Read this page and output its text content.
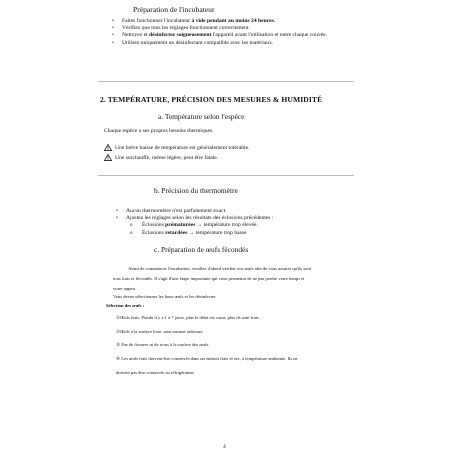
Préparation de l'incubateur
• Faites fonctionner l'incubateur à vide pendant au moins 24 heures.
• Vérifiez que tous les réglages fonctionnent correctement.
• Nettoyez et désinfectez soigneusement l'appareil avant l'utilisation et entre chaque couvée.
• Utilisez uniquement un désinfectant compatible avec les matériaux.
2. TEMPÉRATURE, PRÉCISION DES MESURES & HUMIDITÉ
a. Température selon l'espèce
Chaque espèce a ses propres besoins thermiques.
Une brève baisse de température est généralement tolérable.
Une surchauffe, même légère, peut être fatale.
b. Précision du thermomètre
• Aucun thermomètre n'est parfaitement exact.
• Ajustez les réglages selon les résultats des éclosions précédentes :
o Éclosions prématurées → température trop élevée.
o Éclosions retardées → température trop basse
c. Préparation de œufs fécondés
Avant de commencer l'incubation, veuillez d'abord vérifier vos œufs afin de vous assurer qu'ils sont
tous frais et fécondés. Il s'agit d'une étape importante qui vous permettra de ne pas perdre votre temps et
votre argent.
Vous devez sélectionner les bons œufs et les désinfecter.
Sélection des œufs :
①Œufs frais. Pondu il y a 1 à 7 jours, plus le délai est court, plus ils sont frais.
②Œufs à la surface lisse, sans aucune salissure.
③ Pas de fissures ni de trous à la surface des œufs.
④ Les œufs frais doivent être conservés dans un endroit frais et sec, à température ambiante. Ils ne
doivent pas être conservés au réfrigérateur.
4
